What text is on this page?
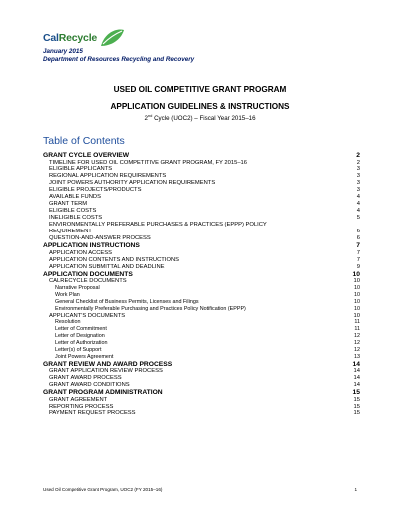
CalRecycle
January 2015
Department of Resources Recycling and Recovery
USED OIL COMPETITIVE GRANT PROGRAM
APPLICATION GUIDELINES & INSTRUCTIONS
2nd Cycle (UOC2) – Fiscal Year 2015–16
Table of Contents
GRANT CYCLE OVERVIEW	2
TIMELINE FOR USED OIL COMPETITIVE GRANT PROGRAM, FY 2015–16	2
ELIGIBLE APPLICANTS	3
REGIONAL APPLICATION REQUIREMENTS	3
JOINT POWERS AUTHORITY APPLICATION REQUIREMENTS	3
ELIGIBLE PROJECTS/PRODUCTS	3
AVAILABLE FUNDS	4
GRANT TERM	4
ELIGIBLE COSTS	4
INELIGIBLE COSTS	5
ENVIRONMENTALLY PREFERABLE PURCHASES & PRACTICES (EPPP) POLICY
REQUIREMENT	6
QUESTION-AND-ANSWER PROCESS	6
APPLICATION INSTRUCTIONS	7
APPLICATION ACCESS	7
APPLICATION CONTENTS AND INSTRUCTIONS	7
APPLICATION SUBMITTAL AND DEADLINE	9
APPLICATION DOCUMENTS	10
CALRECYCLE DOCUMENTS	10
Narrative Proposal	10
Work Plan	10
General Checklist of Business Permits, Licenses and Filings	10
Environmentally Preferable Purchasing and Practices Policy Notification (EPPP)	10
APPLICANT'S DOCUMENTS	10
Resolution	11
Letter of Commitment	11
Letter of Designation	12
Letter of Authorization	12
Letter(s) of Support	12
Joint Powers Agreement	13
GRANT REVIEW AND AWARD PROCESS	14
GRANT APPLICATION REVIEW PROCESS	14
GRANT AWARD PROCESS	14
GRANT AWARD CONDITIONS	14
GRANT PROGRAM ADMINISTRATION	15
GRANT AGREEMENT	15
REPORTING PROCESS	15
PAYMENT REQUEST PROCESS	15
Used Oil Competitive Grant Program, UOC2 (FY 2015–16)	1
